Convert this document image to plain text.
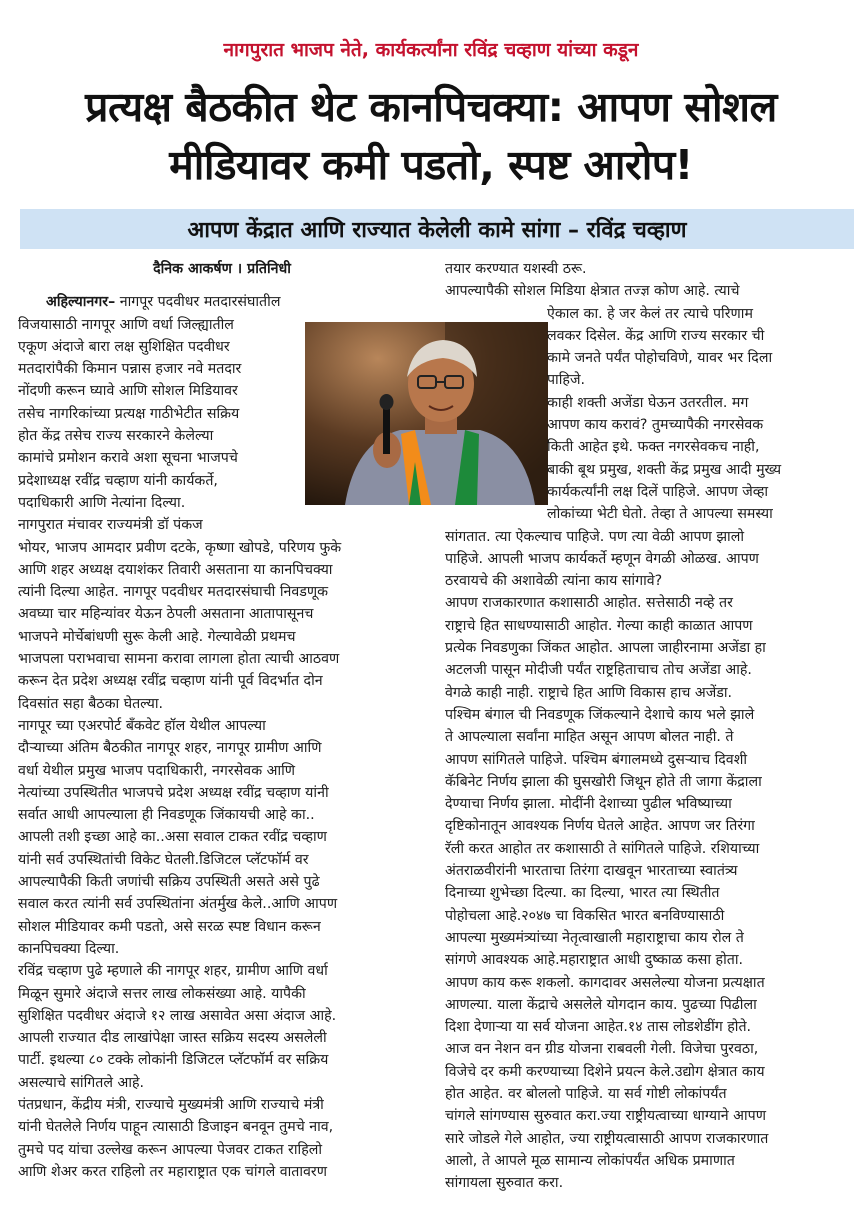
नागपुरात भाजप नेते, कार्यकर्त्यांना रविंद्र चव्हाण यांच्या कडून
प्रत्यक्ष बैठकीत थेट कानपिचक्या: आपण सोशल
मीडियावर कमी पडतो, स्पष्ट आरोप!
आपण केंद्रात आणि राज्यात केलेली कामे सांगा – रविंद्र चव्हाण

दैनिक आकर्षण । प्रतिनिधी

अहिल्यानगर– नागपूर पदवीधर मतदारसंघातील

विजयासाठी नागपूर आणि वर्धा जिल्ह्यातील

एकूण अंदाजे बारा लक्ष सुशिक्षित पदवीधर

मतदारांपैकी किमान पन्नास हजार नवे मतदार

नोंदणी करून घ्यावे आणि सोशल मिडियावर

तसेच नागरिकांच्या प्रत्यक्ष गाठीभेटीत सक्रिय

होत केंद्र तसेच राज्य सरकारने केलेल्या

कामांचे प्रमोशन करावे अशा सूचना भाजपचे

प्रदेशाध्यक्ष रवींद्र चव्हाण यांनी कार्यकर्ते,

पदाधिकारी आणि नेत्यांना दिल्या.

नागपुरात मंचावर राज्यमंत्री डॉ पंकज

भोयर, भाजप आमदार प्रवीण दटके, कृष्णा खोपडे, परिणय फुके

आणि शहर अध्यक्ष दयाशंकर तिवारी असताना या कानपिचक्या

त्यांनी दिल्या आहेत. नागपूर पदवीधर मतदारसंघाची निवडणूक

अवघ्या चार महिन्यांवर येऊन ठेपली असताना आतापासूनच

भाजपने मोर्चेबांधणी सुरू केली आहे. गेल्यावेळी प्रथमच

भाजपला पराभवाचा सामना करावा लागला होता त्याची आठवण

करून देत प्रदेश अध्यक्ष रवींद्र चव्हाण यांनी पूर्व विदर्भात दोन

दिवसांत सहा बैठका घेतल्या.

नागपूर च्या एअरपोर्ट बँकवेट हॉल येथील आपल्या

दौऱ्याच्या अंतिम बैठकीत नागपूर शहर, नागपूर ग्रामीण आणि

वर्धा येथील प्रमुख भाजप पदाधिकारी, नगरसेवक आणि

नेत्यांच्या उपस्थितीत भाजपचे प्रदेश अध्यक्ष रवींद्र चव्हाण यांनी

सर्वात आधी आपल्याला ही निवडणूक जिंकायची आहे का..

आपली तशी इच्छा आहे का..असा सवाल टाकत रवींद्र चव्हाण

यांनी सर्व उपस्थितांची विकेट घेतली.डिजिटल प्लॅटफॉर्म वर

आपल्यापैकी किती जणांची सक्रिय उपस्थिती असते असे पुढे

सवाल करत त्यांनी सर्व उपस्थितांना अंतर्मुख केले..आणि आपण

सोशल मीडियावर कमी पडतो, असे सरळ स्पष्ट विधान करून

कानपिचक्या दिल्या.

रविंद्र चव्हाण पुढे म्हणाले की नागपूर शहर, ग्रामीण आणि वर्धा

मिळून सुमारे अंदाजे सत्तर लाख लोकसंख्या आहे. यापैकी

सुशिक्षित पदवीधर अंदाजे १२ लाख असावेत असा अंदाज आहे.

आपली राज्यात दीड लाखांपेक्षा जास्त सक्रिय सदस्य असलेली

पार्टी. इथल्या ८० टक्के लोकांनी डिजिटल प्लॅटफॉर्म वर सक्रिय

असल्याचे सांगितले आहे.

पंतप्रधान, केंद्रीय मंत्री, राज्याचे मुख्यमंत्री आणि राज्याचे मंत्री

यांनी घेतलेले निर्णय पाहून त्यासाठी डिजाइन बनवून तुमचे नाव,

तुमचे पद यांचा उल्लेख करून आपल्या पेजवर टाकत राहिलो

आणि शेअर करत राहिलो तर महाराष्ट्रात एक चांगले वातावरण

तयार करण्यात यशस्वी ठरू.

आपल्यापैकी सोशल मिडिया क्षेत्रात तज्ज्ञ कोण आहे. त्याचे

ऐकाल का. हे जर केलं तर त्याचे परिणाम

लवकर दिसेल. केंद्र आणि राज्य सरकार ची

कामे जनते पर्यंत पोहोचविणे, यावर भर दिला

पाहिजे.

काही शक्ती अजेंडा घेऊन उतरतील. मग

आपण काय करावं? तुमच्यापैकी नगरसेवक

किती आहेत इथे. फक्त नगरसेवकच नाही,

बाकी बूथ प्रमुख, शक्ती केंद्र प्रमुख आदी मुख्य

कार्यकर्त्यांनी लक्ष दिलें पाहिजे. आपण जेव्हा

लोकांच्या भेटी घेतो. तेव्हा ते आपल्या समस्या

सांगतात. त्या ऐकल्याच पाहिजे. पण त्या वेळी आपण झालो

पाहिजे. आपली भाजप कार्यकर्ते म्हणून वेगळी ओळख. आपण

ठरवायचे की अशावेळी त्यांना काय सांगावे?

आपण राजकारणात कशासाठी आहोत. सत्तेसाठी नव्हे तर

राष्ट्राचे हित साधण्यासाठी आहोत. गेल्या काही काळात आपण

प्रत्येक निवडणुका जिंकत आहोत. आपला जाहीरनामा अजेंडा हा

अटलजी पासून मोदीजी पर्यंत राष्ट्रहिताचाच तोच अजेंडा आहे.

वेगळे काही नाही. राष्ट्राचे हित आणि विकास हाच अजेंडा.

पश्चिम बंगाल ची निवडणूक जिंकल्याने देशाचे काय भले झाले

ते आपल्याला सर्वांना माहित असून आपण बोलत नाही. ते

आपण सांगितले पाहिजे. पश्चिम बंगालमध्ये दुसऱ्याच दिवशी

कॅबिनेट निर्णय झाला की घुसखोरी जिथून होते ती जागा केंद्राला

देण्याचा निर्णय झाला. मोदींनी देशाच्या पुढील भविष्याच्या

दृष्टिकोनातून आवश्यक निर्णय घेतले आहेत. आपण जर तिरंगा

रॅली करत आहोत तर कशासाठी ते सांगितले पाहिजे. रशियाच्या

अंतराळवीरांनी भारताचा तिरंगा दाखवून भारताच्या स्वातंत्र्य

दिनाच्या शुभेच्छा दिल्या. का दिल्या, भारत त्या स्थितीत

पोहोचला आहे.२०४७ चा विकसित भारत बनविण्यासाठी

आपल्या मुख्यमंत्र्यांच्या नेतृत्वाखाली महाराष्ट्राचा काय रोल ते

सांगणे आवश्यक आहे.महाराष्ट्रात आधी दुष्काळ कसा होता.

आपण काय करू शकलो. कागदावर असलेल्या योजना प्रत्यक्षात

आणल्या. याला केंद्राचे असलेले योगदान काय. पुढच्या पिढीला

दिशा देणाऱ्या या सर्व योजना आहेत.१४ तास लोडशेडींग होते.

आज वन नेशन वन ग्रीड योजना राबवली गेली. विजेचा पुरवठा,

विजेचे दर कमी करण्याच्या दिशेने प्रयत्न केले.उद्योग क्षेत्रात काय

होत आहेत. वर बोललो पाहिजे. या सर्व गोष्टी लोकांपर्यंत

चांगले सांगण्यास सुरुवात करा.ज्या राष्ट्रीयत्वाच्या धाग्याने आपण

सारे जोडले गेले आहोत, ज्या राष्ट्रीयत्वासाठी आपण राजकारणात

आलो, ते आपले मूळ सामान्य लोकांपर्यंत अधिक प्रमाणात

सांगायला सुरुवात करा.
